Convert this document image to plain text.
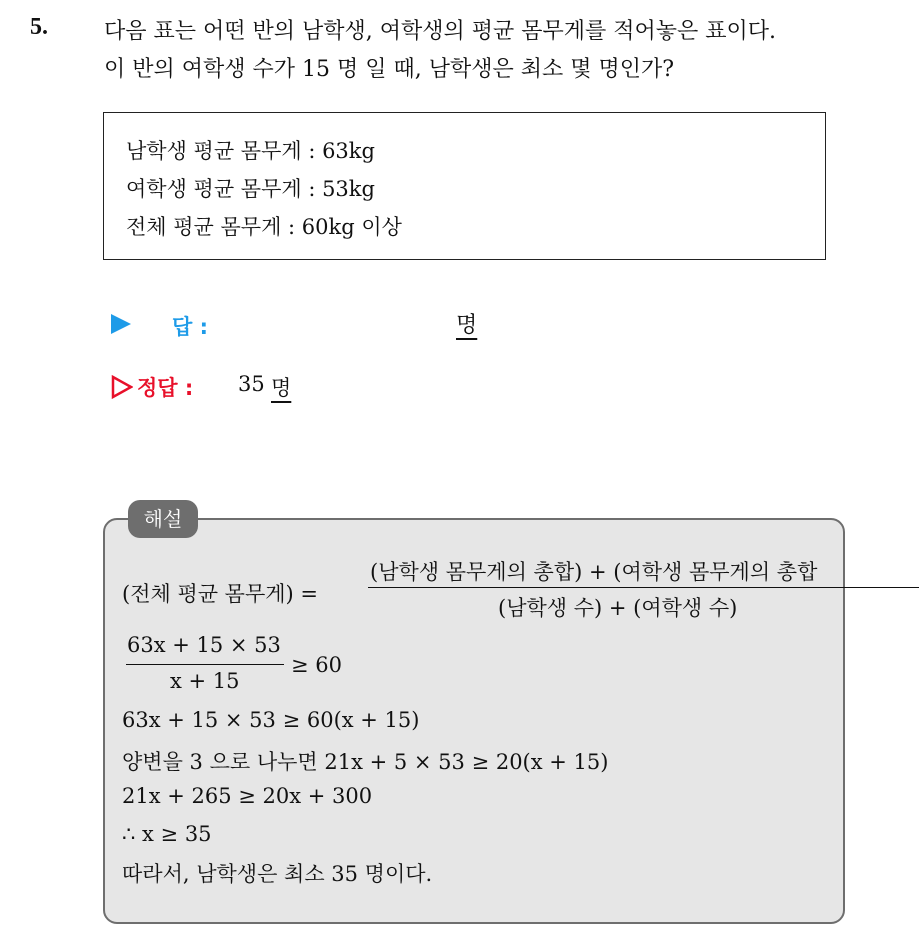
5.	다음 표는 어떤 반의 남학생, 여학생의 평균 몸무게를 적어놓은 표이다.
이 반의 여학생 수가 15 명 일 때, 남학생은 최소 몇 명인가?
남학생 평균 몸무게 : 63kg
여학생 평균 몸무게 : 53kg
전체 평균 몸무게 : 60kg 이상
답 :	명
정답 : 35 명
해설
(전체 평균 몸무게) =
(남학생 몸무게의 총합) + (여학생 몸무게의 총합
(남학생 수) + (여학생 수)
63x + 15 × 53
x + 15
≥ 60
63x + 15 × 53 ≥ 60(x + 15)
양변을 3 으로 나누면 21x + 5 × 53 ≥ 20(x + 15)
21x + 265 ≥ 20x + 300
∴ x ≥ 35
따라서, 남학생은 최소 35 명이다.
